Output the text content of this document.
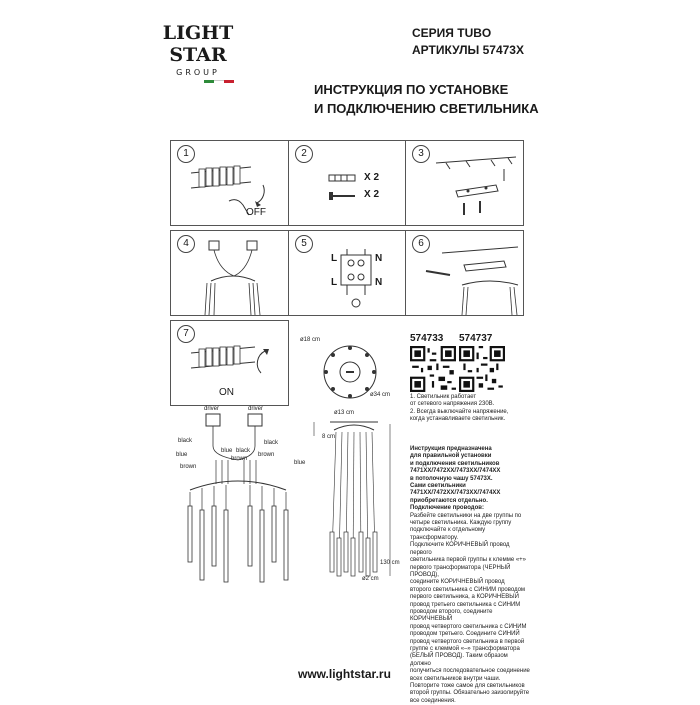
LIGHT
STAR
GROUP
СЕРИЯ TUBO
АРТИКУЛЫ 57473X
ИНСТРУКЦИЯ ПО УСТАНОВКЕ
И ПОДКЛЮЧЕНИЮ СВЕТИЛЬНИКА
1
OFF
2
X 2
X 2
3
4	5
L	N
L	N
6
7
ON
ø18 cm
ø34 cm
574733 574737
1. Светильник работает
от сетевого напряжения 230В.
2. Всегда выключайте напряжение,
когда устанавливаете светильник.
driver	driver
black
blue
brown
black
brown
blue
brown
black
blue
ø13 cm
8 cm
130 cm
ø2 cm
Инструкция предназначена
для правильной установки
и подключения светильников
7471XX/7472XX/7473XX/7474XX
в потолочную чашу 57473X.
Сами светильники
7471XX/7472XX/7473XX/7474XX
приобретаются отдельно.
Подключение проводов:
Разбейте светильники на две группы по
четыре светильника. Каждую группу
подключайте к отдельному трансформатору.
Подключите КОРИЧНЕВЫЙ провод первого
светильника первой группы к клемме «+»
первого трансформатора (ЧЕРНЫЙ ПРОВОД),
соедините КОРИЧНЕВЫЙ провод
второго светильника с СИНИМ проводом
первого светильника, а КОРИЧНЕВЫЙ
провод третьего светильника с СИНИМ
проводом второго, соедините КОРИЧНЕВЫЙ
провод четвертого светильника с СИНИМ
проводом третьего. Соедините СИНИЙ
провод четвертого светильника в первой
группе с клеммой «–» трансформатора
(БЕЛЫЙ ПРОВОД). Таким образом должно
получиться последовательное соединение
всех светильников внутри чаши.
Повторите тоже самое для светильников
второй группы. Обязательно заизолируйте
все соединения.
www.lightstar.ru
